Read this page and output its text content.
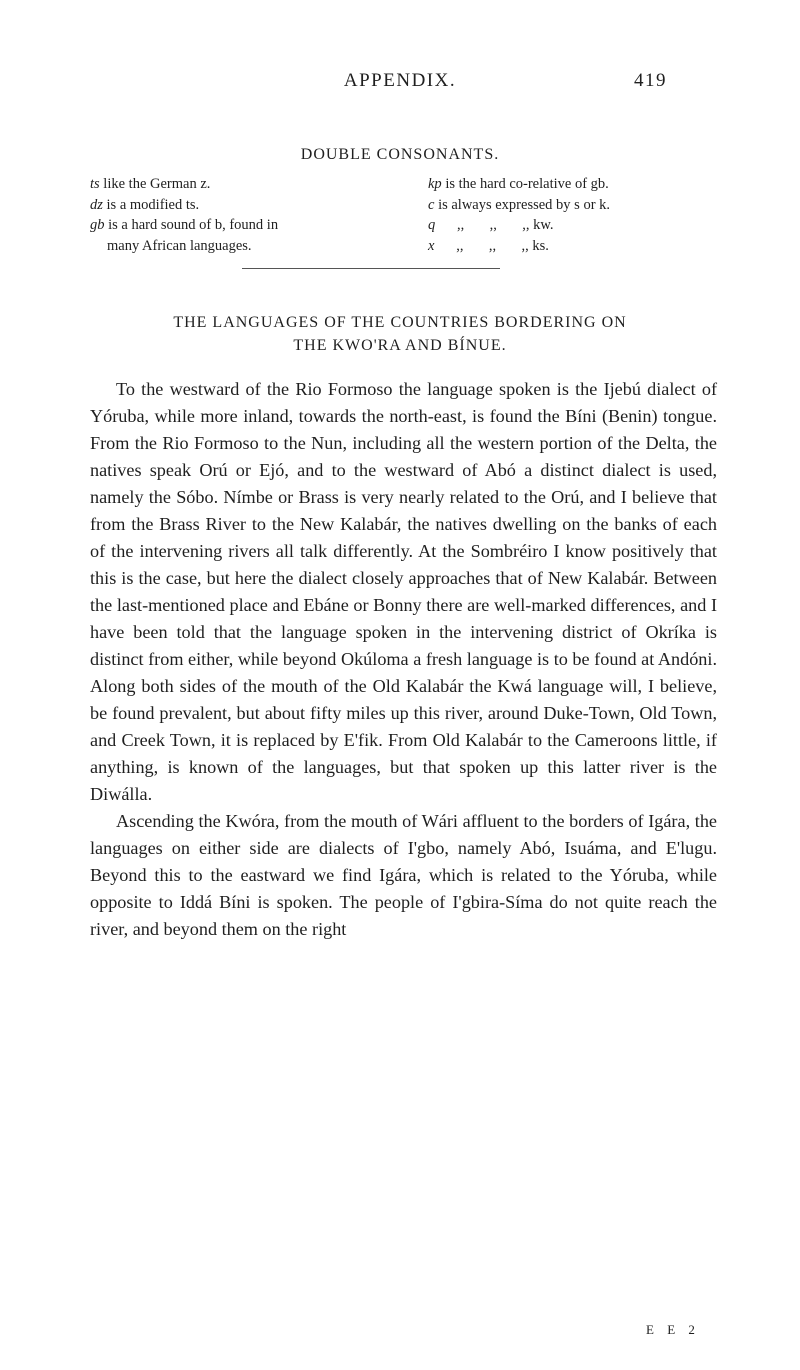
APPENDIX.	419
DOUBLE CONSONANTS.
ts like the German z.
dz is a modified ts.
gb is a hard sound of b, found in
many African languages.
kp is the hard co-relative of gb.
c is always expressed by s or k.
q      ,,       ,,       ,, kw.
x      ,,       ,,       ,, ks.
THE LANGUAGES OF THE COUNTRIES BORDERING ON
THE KWO'RA AND BÍNUE.

To the westward of the Rio Formoso the language spoken is the Ijebú dialect of Yóruba, while more inland, towards the north-east, is found the Bíni (Benin) tongue. From the Rio Formoso to the Nun, including all the western portion of the Delta, the natives speak Orú or Ejó, and to the westward of Abó a distinct dialect is used, namely the Sóbo. Nímbe or Brass is very nearly related to the Orú, and I believe that from the Brass River to the New Kalabár, the natives dwelling on the banks of each of the intervening rivers all talk differently. At the Sombréiro I know positively that this is the case, but here the dialect closely approaches that of New Kalabár. Between the last-mentioned place and Ebáne or Bonny there are well-marked differences, and I have been told that the language spoken in the intervening district of Okríka is distinct from either, while beyond Okúloma a fresh language is to be found at Andóni. Along both sides of the mouth of the Old Kalabár the Kwá language will, I believe, be found prevalent, but about fifty miles up this river, around Duke-Town, Old Town, and Creek Town, it is replaced by E'fik. From Old Kalabár to the Cameroons little, if anything, is known of the languages, but that spoken up this latter river is the Diwálla.

Ascending the Kwóra, from the mouth of Wári affluent to the borders of Igára, the languages on either side are dialects of I'gbo, namely Abó, Isuáma, and E'lugu. Beyond this to the eastward we find Igára, which is related to the Yóruba, while opposite to Iddá Bíni is spoken. The people of I'gbira-Síma do not quite reach the river, and beyond them on the right

E E 2
